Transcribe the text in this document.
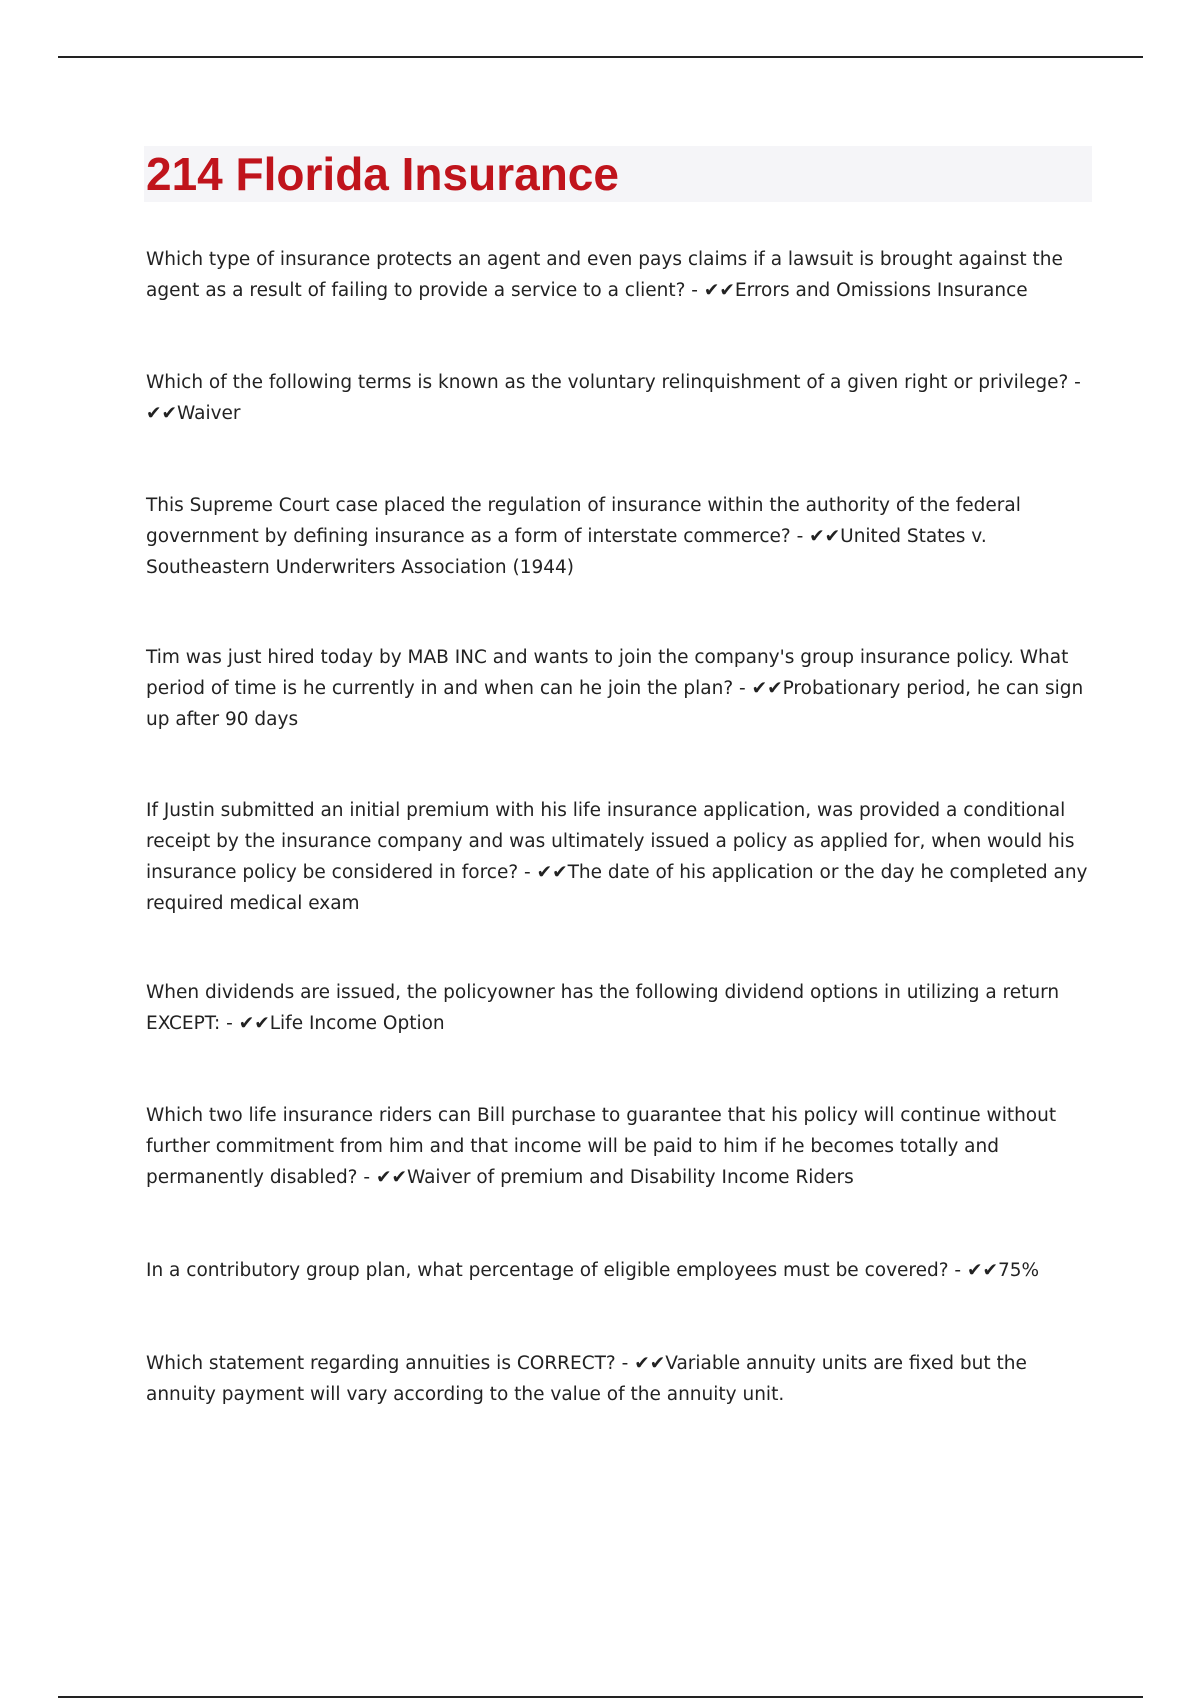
214 Florida Insurance

Which type of insurance protects an agent and even pays claims if a lawsuit is brought against the agent as a result of failing to provide a service to a client? - ✔✔Errors and Omissions Insurance

Which of the following terms is known as the voluntary relinquishment of a given right or privilege? - ✔✔Waiver

This Supreme Court case placed the regulation of insurance within the authority of the federal government by defining insurance as a form of interstate commerce? - ✔✔United States v. Southeastern Underwriters Association (1944)

Tim was just hired today by MAB INC and wants to join the company's group insurance policy. What period of time is he currently in and when can he join the plan? - ✔✔Probationary period, he can sign up after 90 days

If Justin submitted an initial premium with his life insurance application, was provided a conditional receipt by the insurance company and was ultimately issued a policy as applied for, when would his insurance policy be considered in force? - ✔✔The date of his application or the day he completed any required medical exam

When dividends are issued, the policyowner has the following dividend options in utilizing a return EXCEPT: - ✔✔Life Income Option

Which two life insurance riders can Bill purchase to guarantee that his policy will continue without further commitment from him and that income will be paid to him if he becomes totally and permanently disabled? - ✔✔Waiver of premium and Disability Income Riders

In a contributory group plan, what percentage of eligible employees must be covered? - ✔✔75%

Which statement regarding annuities is CORRECT? - ✔✔Variable annuity units are fixed but the annuity payment will vary according to the value of the annuity unit.
